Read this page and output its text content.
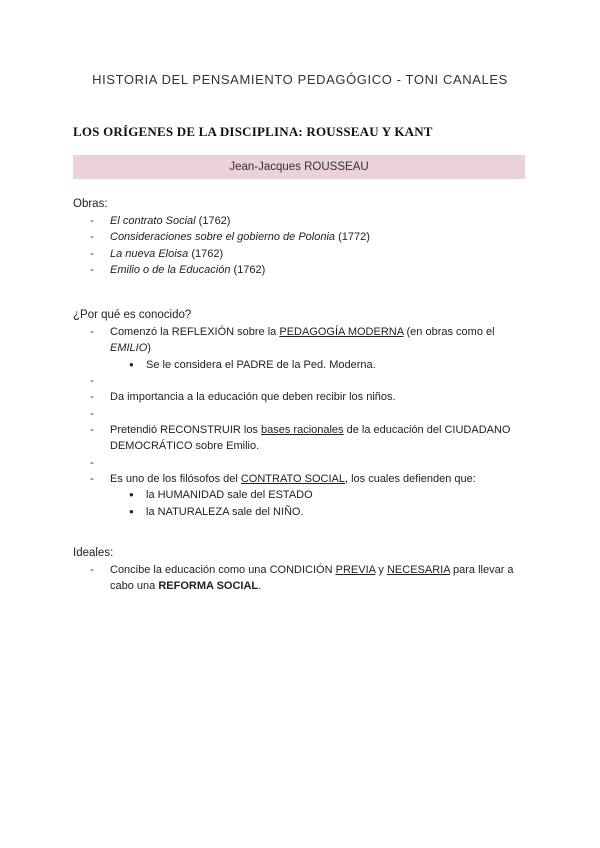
HISTORIA DEL PENSAMIENTO PEDAGÓGICO - TONI CANALES
LOS ORÍGENES DE LA DISCIPLINA: ROUSSEAU Y KANT
Jean-Jacques ROUSSEAU
Obras:
- El contrato Social (1762)
- Consideraciones sobre el gobierno de Polonia (1772)
- La nueva Eloisa (1762)
- Emilio o de la Educación (1762)
¿Por qué es conocido?
- Comenzó la REFLEXIÓN sobre la PEDAGOGÍA MODERNA (en obras como el EMILIO)
● Se le considera el PADRE de la Ped. Moderna.
-
- Da importancia a la educación que deben recibir los niños.
-
- Pretendió RECONSTRUIR los bases racionales de la educación del CIUDADANO DEMOCRÁTICO sobre Emilio.
-
- Es uno de los filósofos del CONTRATO SOCIAL, los cuales defienden que:
● la HUMANIDAD sale del ESTADO
● la NATURALEZA sale del NIÑO.
Ideales:
- Concibe la educación como una CONDICIÓN PREVIA y NECESARIA para llevar a cabo una REFORMA SOCIAL.
